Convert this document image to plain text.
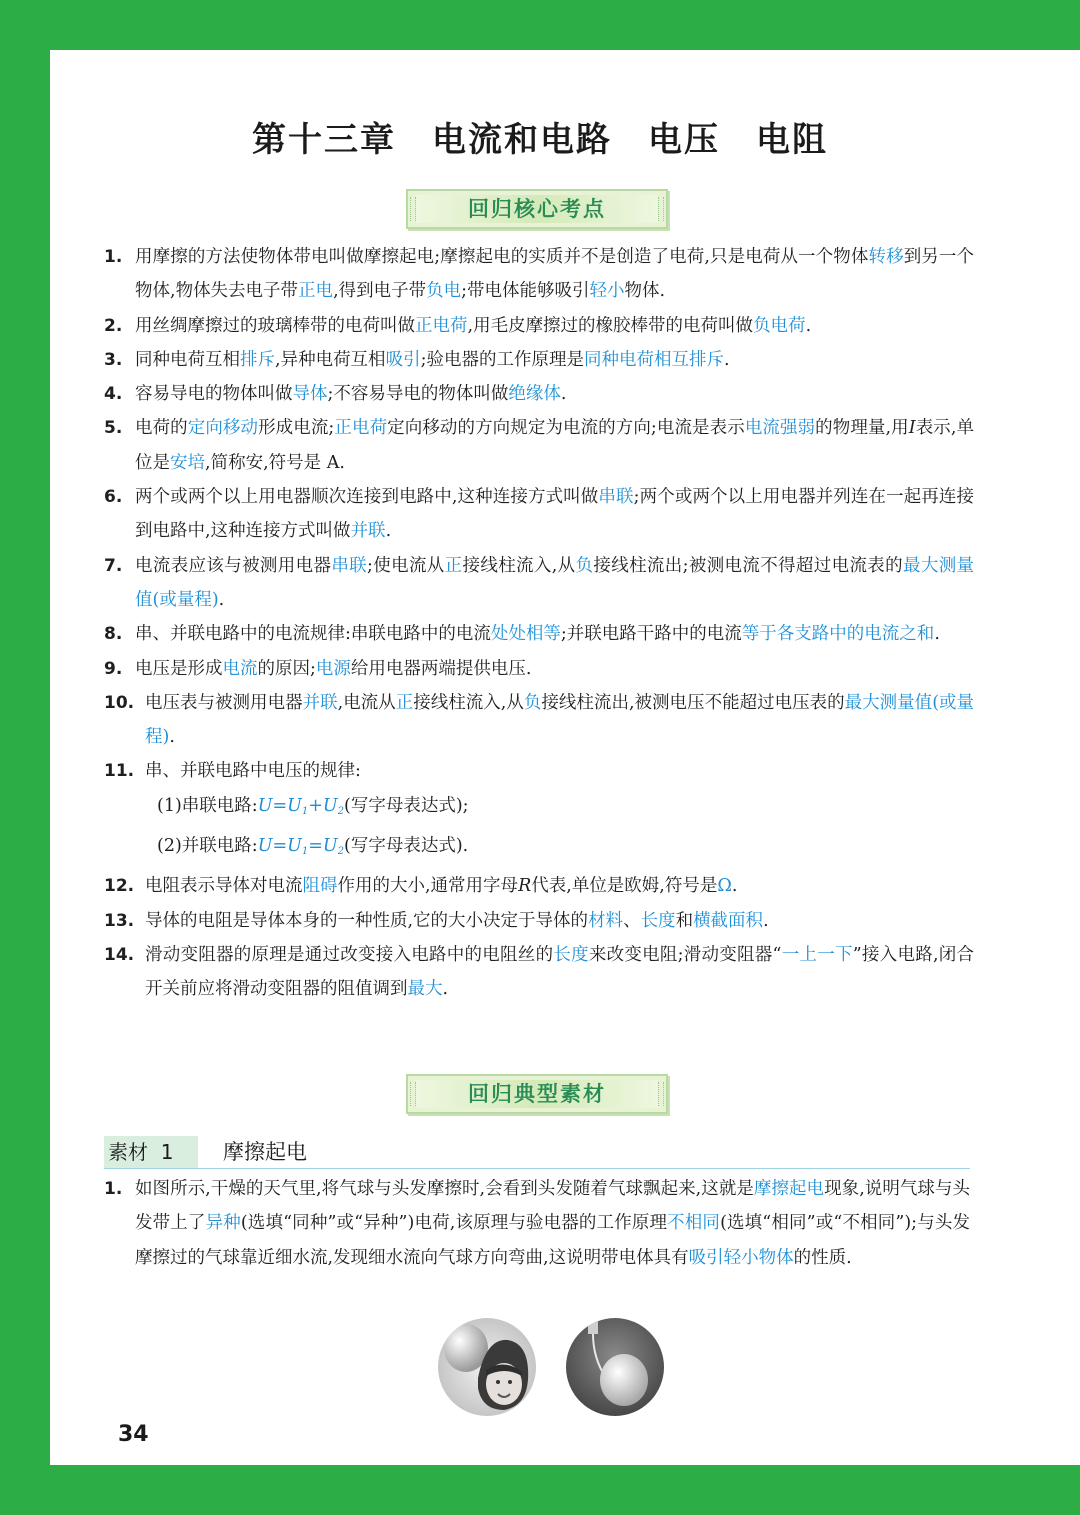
第十三章　电流和电路　电压　电阻
回归核心考点
1. 用摩擦的方法使物体带电叫做摩擦起电;摩擦起电的实质并不是创造了电荷,只是电荷从一个物体转移到另一个物体,物体失去电子带正电,得到电子带负电;带电体能够吸引轻小物体.
2. 用丝绸摩擦过的玻璃棒带的电荷叫做正电荷,用毛皮摩擦过的橡胶棒带的电荷叫做负电荷.
3. 同种电荷互相排斥,异种电荷互相吸引;验电器的工作原理是同种电荷相互排斥.
4. 容易导电的物体叫做导体;不容易导电的物体叫做绝缘体.
5. 电荷的定向移动形成电流;正电荷定向移动的方向规定为电流的方向;电流是表示电流强弱的物理量,用I表示,单位是安培,简称安,符号是 A.
6. 两个或两个以上用电器顺次连接到电路中,这种连接方式叫做串联;两个或两个以上用电器并列连在一起再连接到电路中,这种连接方式叫做并联.
7. 电流表应该与被测用电器串联;使电流从正接线柱流入,从负接线柱流出;被测电流不得超过电流表的最大测量值(或量程).
8. 串、并联电路中的电流规律:串联电路中的电流处处相等;并联电路干路中的电流等于各支路中的电流之和.
9. 电压是形成电流的原因;电源给用电器两端提供电压.
10. 电压表与被测用电器并联,电流从正接线柱流入,从负接线柱流出,被测电压不能超过电压表的最大测量值(或量程).
11. 串、并联电路中电压的规律:
(1)串联电路$:U=U_1+U_2$(写字母表达式);
(2)并联电路$:U=U_1=U_2$(写字母表达式).
12. 电阻表示导体对电流阻碍作用的大小,通常用字母R代表,单位是欧姆,符号是Ω.
13. 导体的电阻是导体本身的一种性质,它的大小决定于导体的材料、长度和横截面积.
14. 滑动变阻器的原理是通过改变接入电路中的电阻丝的长度来改变电阻;滑动变阻器“一上一下”接入电路,闭合开关前应将滑动变阻器的阻值调到最大.
回归典型素材
素材 1	摩擦起电
1. 如图所示,干燥的天气里,将气球与头发摩擦时,会看到头发随着气球飘起来,这就是摩擦起电现象,说明气球与头发带上了异种(选填“同种”或“异种”)电荷,该原理与验电器的工作原理不相同(选填“相同”或“不相同”);与头发摩擦过的气球靠近细水流,发现细水流向气球方向弯曲,这说明带电体具有吸引轻小物体的性质.
34
